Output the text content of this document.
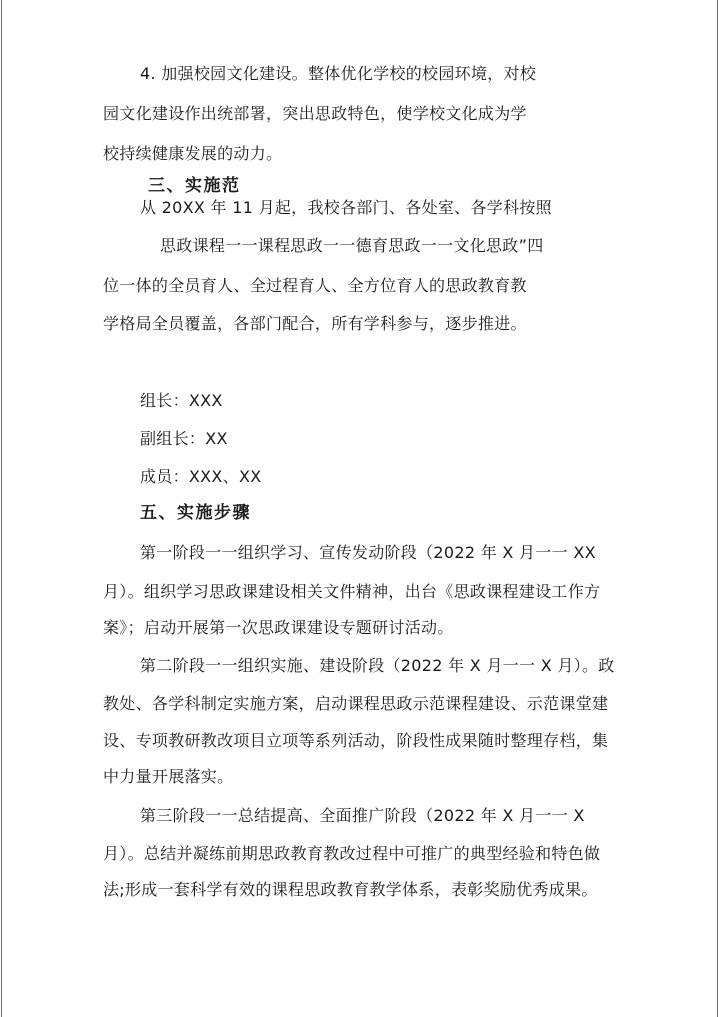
4. 加强校园文化建设。整体优化学校的校园环境，对校

园文化建设作出统部署，突出思政特色，使学校文化成为学

校持续健康发展的动力。

三、实施范

从 20XX 年 11 月起，我校各部门、各处室、各学科按照

思政课程一一课程思政一一德育思政一一文化思政”四

位一体的全员育人、全过程育人、全方位育人的思政教育教

学格局全员覆盖，各部门配合，所有学科参与，逐步推进。

组长：XXX

副组长：XX

成员：XXX、XX

五、实施步骤

第一阶段一一组织学习、宣传发动阶段（2022 年 X 月一一 XX

月）。组织学习思政课建设相关文件精神，出台《思政课程建设工作方

案》；启动开展第一次思政课建设专题研讨活动。

第二阶段一一组织实施、建设阶段（2022 年 X 月一一 X 月）。政

教处、各学科制定实施方案，启动课程思政示范课程建设、示范课堂建

设、专项教研教改项目立项等系列活动，阶段性成果随时整理存档，集

中力量开展落实。

第三阶段一一总结提高、全面推广阶段（2022 年 X 月一一 X

月）。总结并凝练前期思政教育教改过程中可推广的典型经验和特色做

法;形成一套科学有效的课程思政教育教学体系，表彰奖励优秀成果。
